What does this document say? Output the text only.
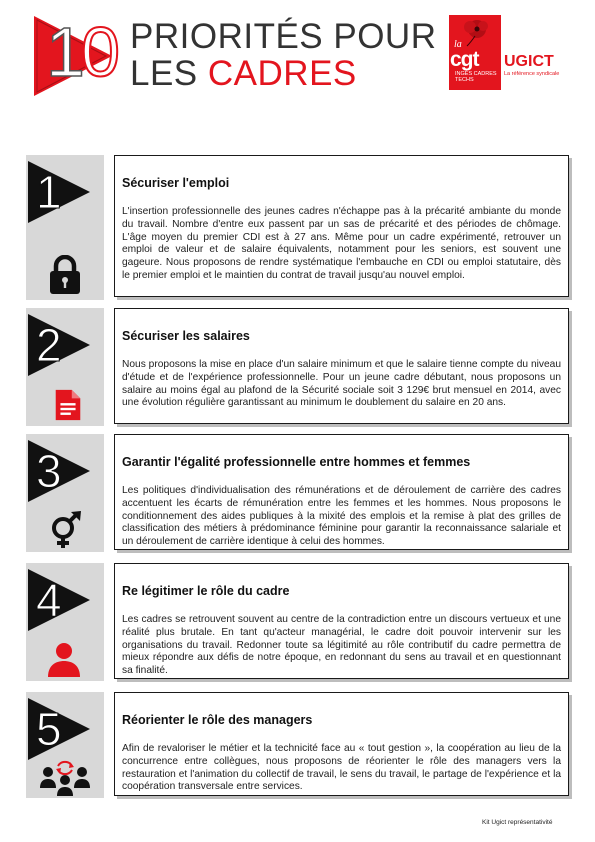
10 PRIORITÉS POUR
LES CADRES
la
cgt
INGÉS CADRES TECHS
UGICT
La référence syndicale
1	Sécuriser l'emploi

L'insertion professionnelle des jeunes cadres n'échappe pas à la précarité ambiante du monde du travail. Nombre d'entre eux passent par un sas de précarité et des périodes de chômage. L'âge moyen du premier CDI est à 27 ans. Même pour un cadre expérimenté, retrouver un emploi de valeur et de salaire équivalents, notamment pour les seniors, est souvent une gageure. Nous proposons de rendre systématique l'embauche en CDI ou emploi statutaire, dès le premier emploi et le maintien du contrat de travail jusqu'au nouvel emploi.

2	Sécuriser les salaires

Nous proposons la mise en place d'un salaire minimum et que le salaire tienne compte du niveau d'étude et de l'expérience professionnelle. Pour un jeune cadre débutant, nous proposons un salaire au moins égal au plafond de la Sécurité sociale soit 3 129€ brut mensuel en 2014, avec une évolution régulière garantissant au minimum le doublement du salaire en 20 ans.

3	Garantir l'égalité professionnelle entre hommes et femmes

Les politiques d'individualisation des rémunérations et de déroulement de carrière des cadres accentuent les écarts de rémunération entre les femmes et les hommes. Nous proposons le conditionnement des aides publiques à la mixité des emplois et la remise à plat des grilles de classification des métiers à prédominance féminine pour garantir la reconnaissance salariale et un déroulement de carrière identique à celui des hommes.

4	Re légitimer le rôle du cadre

Les cadres se retrouvent souvent au centre de la contradiction entre un discours vertueux et une réalité plus brutale. En tant qu'acteur managérial, le cadre doit pouvoir intervenir sur les organisations du travail. Redonner toute sa légitimité au rôle contributif du cadre permettra de mieux répondre aux défis de notre époque, en redonnant du sens au travail et en questionnant sa finalité.

5	Réorienter le rôle des managers

Afin de revaloriser le métier et la technicité face au « tout gestion », la coopération au lieu de la concurrence entre collègues, nous proposons de réorienter le rôle des managers vers la restauration et l'animation du collectif de travail, le sens du travail, le partage de l'expérience et la coopération transversale entre services.

Kit Ugict représentativité
